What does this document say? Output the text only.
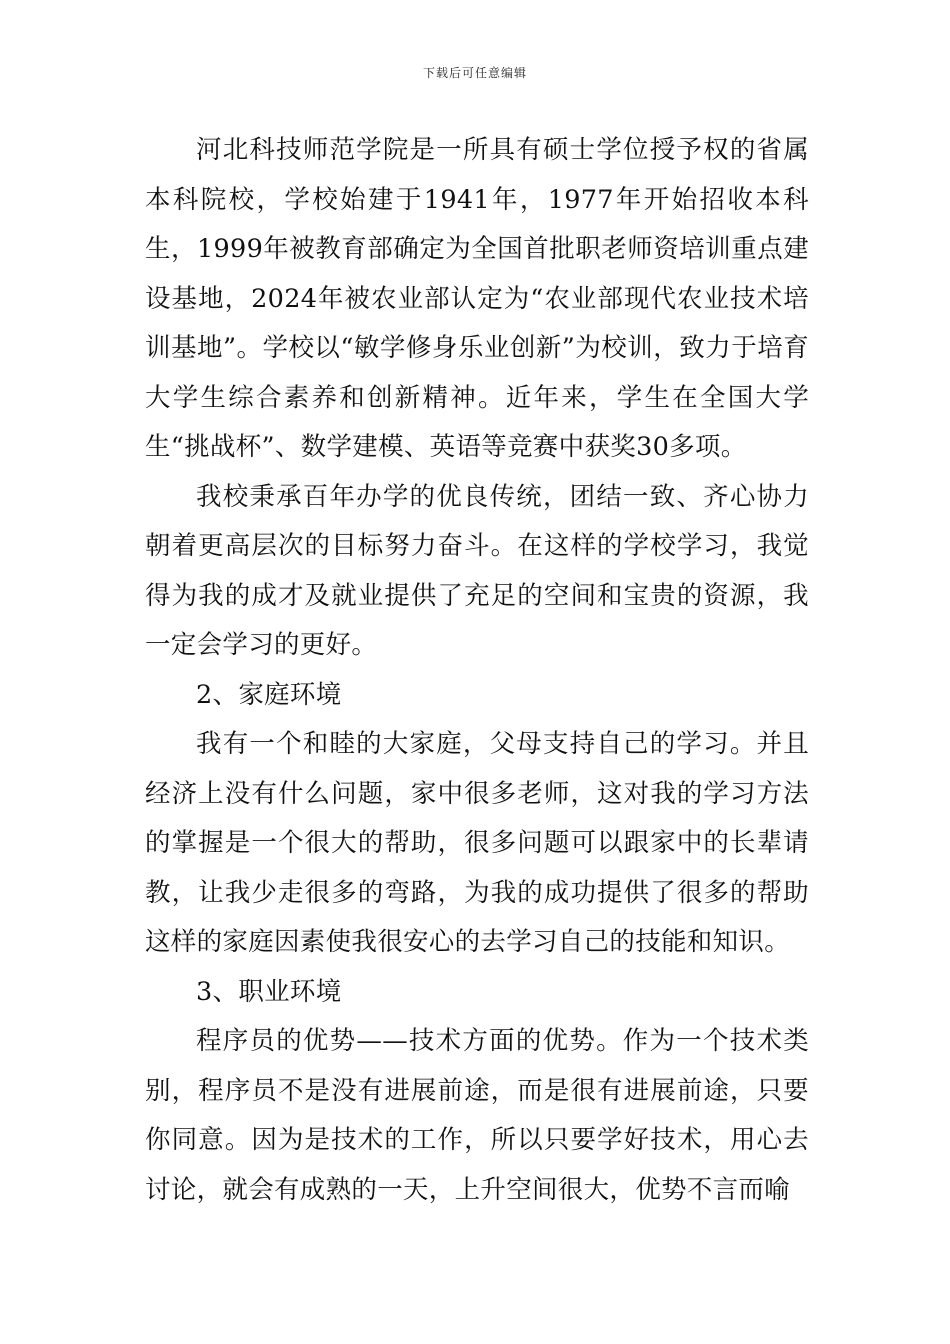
下载后可任意编辑

河北科技师范学院是一所具有硕士学位授予权的省属本科院校，学校始建于1941年，1977年开始招收本科生，1999年被教育部确定为全国首批职老师资培训重点建设基地，2024年被农业部认定为“农业部现代农业技术培训基地”。学校以“敏学修身乐业创新”为校训，致力于培育大学生综合素养和创新精神。近年来，学生在全国大学生“挑战杯”、数学建模、英语等竞赛中获奖30多项。

我校秉承百年办学的优良传统，团结一致、齐心协力朝着更高层次的目标努力奋斗。在这样的学校学习，我觉得为我的成才及就业提供了充足的空间和宝贵的资源，我一定会学习的更好。

2、家庭环境

我有一个和睦的大家庭，父母支持自己的学习。并且经济上没有什么问题，家中很多老师，这对我的学习方法的掌握是一个很大的帮助，很多问题可以跟家中的长辈请教，让我少走很多的弯路，为我的成功提供了很多的帮助这样的家庭因素使我很安心的去学习自己的技能和知识。

3、职业环境

程序员的优势——技术方面的优势。作为一个技术类别，程序员不是没有进展前途，而是很有进展前途，只要你同意。因为是技术的工作，所以只要学好技术，用心去讨论，就会有成熟的一天，上升空间很大，优势不言而喻
